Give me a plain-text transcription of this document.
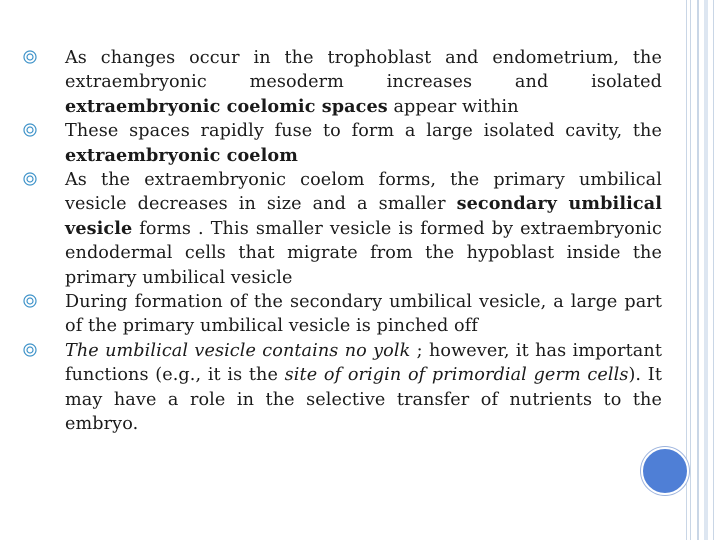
As changes occur in the trophoblast and endometrium, the extraembryonic mesoderm increases and isolated extraembryonic coelomic spaces appear within

These spaces rapidly fuse to form a large isolated cavity, the extraembryonic coelom

As the extraembryonic coelom forms, the primary umbilical vesicle decreases in size and a smaller secondary umbilical vesicle forms . This smaller vesicle is formed by extraembryonic endodermal cells that migrate from the hypoblast inside the primary umbilical vesicle

During formation of the secondary umbilical vesicle, a large part of the primary umbilical vesicle is pinched off

The umbilical vesicle contains no yolk ; however, it has important functions (e.g., it is the site of origin of primordial germ cells). It may have a role in the selective transfer of nutrients to the embryo.
